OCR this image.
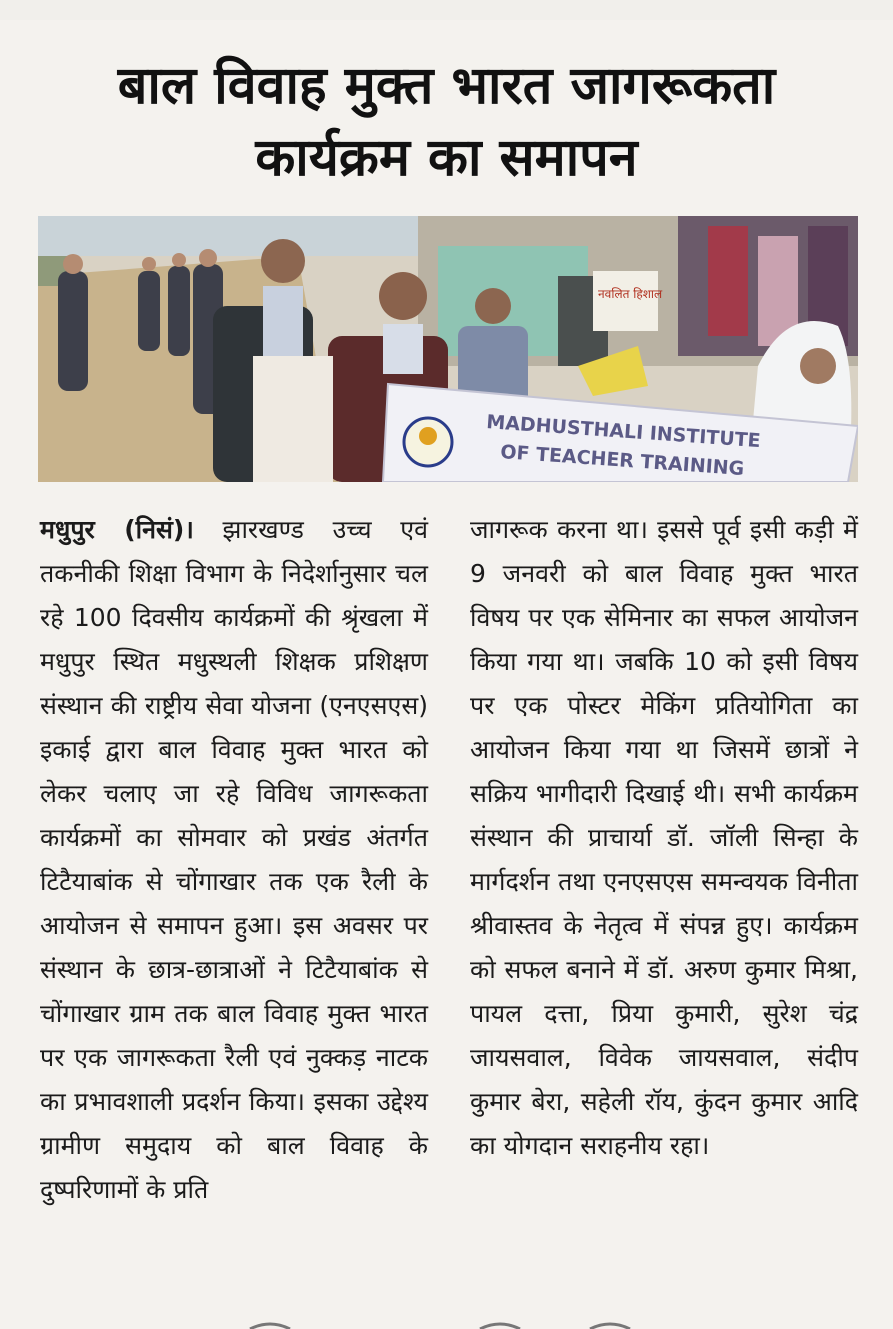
बाल विवाह मुक्त भारत जागरूकता
कार्यक्रम का समापन
नवलित हिशाल
MADHUSTHALI INSTITUTE
OF TEACHER TRAINING

मधुपुर (निसं)। झारखण्ड उच्च एवं तकनीकी शिक्षा विभाग के निदेर्शानुसार चल रहे 100 दिवसीय कार्यक्रमों की श्रृंखला में मधुपुर स्थित मधुस्थली शिक्षक प्रशिक्षण संस्थान की राष्ट्रीय सेवा योजना (एनएसएस) इकाई द्वारा बाल विवाह मुक्त भारत को लेकर चलाए जा रहे विविध जागरूकता कार्यक्रमों का सोमवार को प्रखंड अंतर्गत टिटैयाबांक से चोंगाखार तक एक रैली के आयोजन से समापन हुआ। इस अवसर पर संस्थान के छात्र-छात्राओं ने टिटैयाबांक से चोंगाखार ग्राम तक बाल विवाह मुक्त भारत पर एक जागरूकता रैली एवं नुक्कड़ नाटक का प्रभावशाली प्रदर्शन किया। इसका उद्देश्य ग्रामीण समुदाय को बाल विवाह के दुष्परिणामों के प्रति

जागरूक करना था। इससे पूर्व इसी कड़ी में 9 जनवरी को बाल विवाह मुक्त भारत विषय पर एक सेमिनार का सफल आयोजन किया गया था। जबकि 10 को इसी विषय पर एक पोस्टर मेकिंग प्रतियोगिता का आयोजन किया गया था जिसमें छात्रों ने सक्रिय भागीदारी दिखाई थी। सभी कार्यक्रम संस्थान की प्राचार्या डॉ. जॉली सिन्हा के मार्गदर्शन तथा एनएसएस समन्वयक विनीता श्रीवास्तव के नेतृत्व में संपन्न हुए। कार्यक्रम को सफल बनाने में डॉ. अरुण कुमार मिश्रा, पायल दत्ता, प्रिया कुमारी, सुरेश चंद्र जायसवाल, विवेक जायसवाल, संदीप कुमार बेरा, सहेली रॉय, कुंदन कुमार आदि का योगदान सराहनीय रहा।
